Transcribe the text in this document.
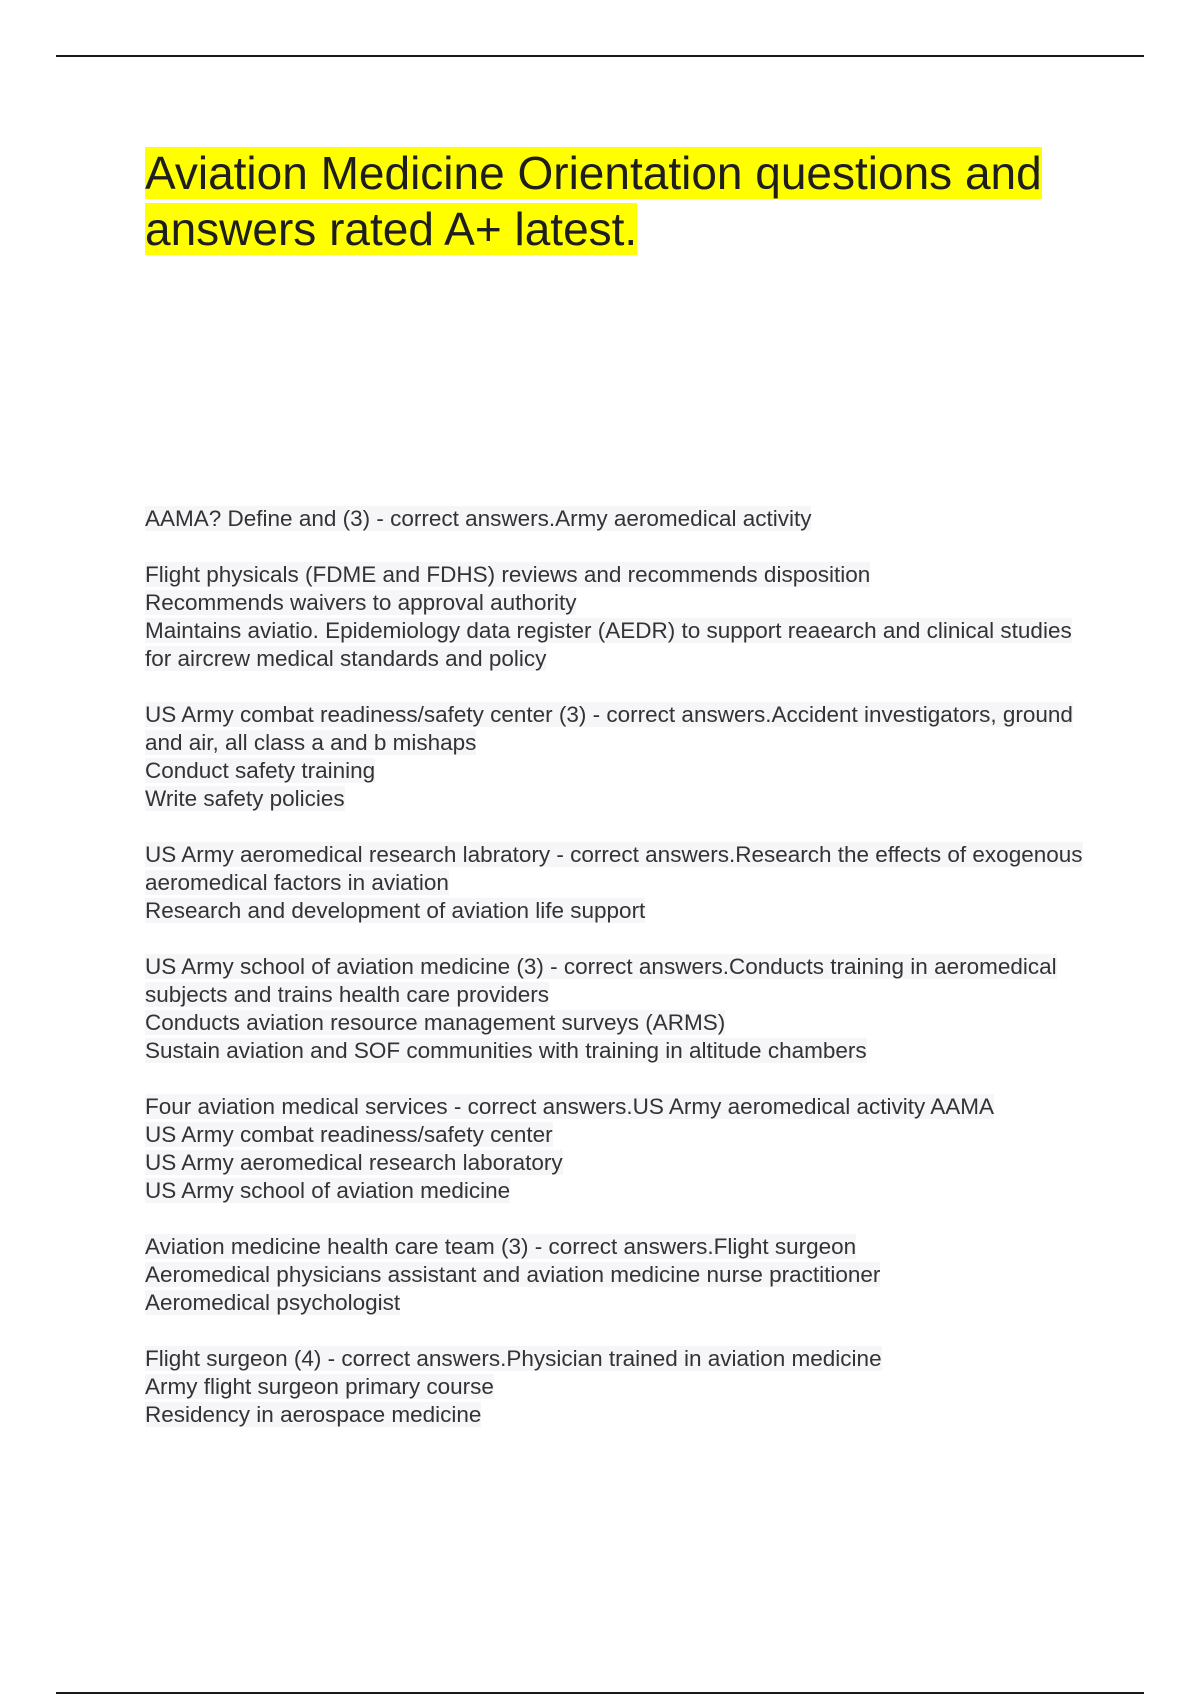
Aviation Medicine Orientation questions and
answers rated A+ latest.

AAMA? Define and (3) - correct answers.Army aeromedical activity

Flight physicals (FDME and FDHS) reviews and recommends disposition

Recommends waivers to approval authority

Maintains aviatio. Epidemiology data register (AEDR) to support reaearch and clinical studies for aircrew medical standards and policy

US Army combat readiness/safety center (3) - correct answers.Accident investigators, ground and air, all class a and b mishaps

Conduct safety training

Write safety policies

US Army aeromedical research labratory - correct answers.Research the effects of exogenous aeromedical factors in aviation

Research and development of aviation life support

US Army school of aviation medicine (3) - correct answers.Conducts training in aeromedical subjects and trains health care providers

Conducts aviation resource management surveys (ARMS)

Sustain aviation and SOF communities with training in altitude chambers

Four aviation medical services - correct answers.US Army aeromedical activity AAMA

US Army combat readiness/safety center

US Army aeromedical research laboratory

US Army school of aviation medicine

Aviation medicine health care team (3) - correct answers.Flight surgeon

Aeromedical physicians assistant and aviation medicine nurse practitioner

Aeromedical psychologist

Flight surgeon (4) - correct answers.Physician trained in aviation medicine

Army flight surgeon primary course

Residency in aerospace medicine
